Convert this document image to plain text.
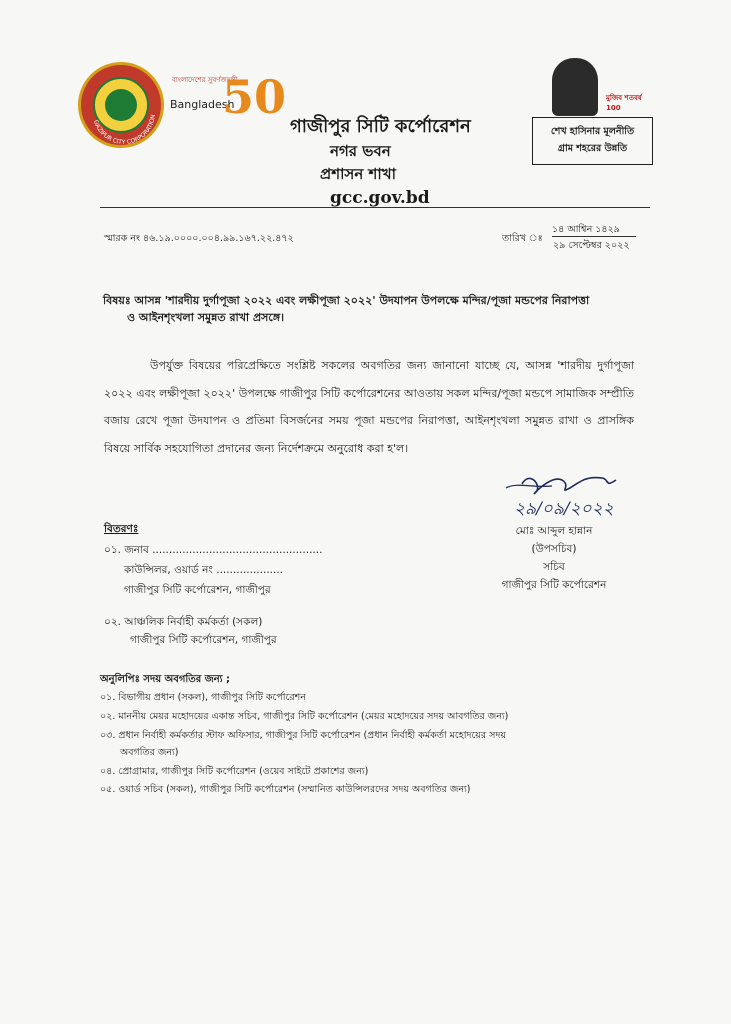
GAZIPUR CITY CORPORATION
বাংলাদেশের সুবর্ণজয়ন্তী
Bangladesh
50
গাজীপুর সিটি কর্পোরেশন
নগর ভবন
প্রশাসন শাখা
gcc.gov.bd
মুজিব শতবর্ষ 100
শেখ হাসিনার মূলনীতি
গ্রাম শহরের উন্নতি
স্মারক নং ৪৬.১৯.০০০০.০০৪.৯৯.১৬৭.২২.৪৭২	তারিখ ঃ
১৪ আশ্বিন ১৪২৯
২৯ সেপ্টেম্বর ২০২২
বিষয়ঃ আসন্ন 'শারদীয় দুর্গাপূজা ২০২২ এবং লক্ষীপূজা ২০২২' উদযাপন উপলক্ষে মন্দির/পূজা মন্ডপের নিরাপত্তা
ও আইনশৃংখলা সমুন্নত রাখা প্রসঙ্গে।
উপর্যুক্ত বিষয়ের পরিপ্রেক্ষিতে সংশ্লিষ্ট সকলের অবগতির জন্য জানানো যাচ্ছে যে, আসন্ন 'শারদীয় দুর্গাপূজা ২০২২ এবং লক্ষীপূজা ২০২২' উপলক্ষে গাজীপুর সিটি কর্পোরেশনের আওতায় সকল মন্দির/পূজা মন্ডপে সামাজিক সম্প্রীতি বজায় রেখে পূজা উদযাপন ও প্রতিমা বিসর্জনের সময় পূজা মন্ডপের নিরাপত্তা, আইনশৃংখলা সমুন্নত রাখা ও প্রাসঙ্গিক বিষয়ে সার্বিক সহযোগিতা প্রদানের জন্য নির্দেশক্রমে অনুরোধ করা হ'ল।
২৯/০৯/২০২২
মোঃ আব্দুল হান্নান
(উপসচিব)
সচিব
গাজীপুর সিটি কর্পোরেশন
বিতরণঃ
০১. জনাব ...................................................
কাউন্সিলর, ওয়ার্ড নং ....................
গাজীপুর সিটি কর্পোরেশন, গাজীপুর
০২. আঞ্চলিক নির্বাহী কর্মকর্তা (সকল)
গাজীপুর সিটি কর্পোরেশন, গাজীপুর
অনুলিপিঃ সদয় অবগতির জন্য ;
০১. বিভাগীয় প্রধান (সকল), গাজীপুর সিটি কর্পোরেশন
০২. মাননীয় মেয়র মহোদয়ের একান্ত সচিব, গাজীপুর সিটি কর্পোরেশন (মেয়র মহোদয়ের সদয় আবগতির জন্য)
০৩. প্রধান নির্বাহী কর্মকর্তার স্টাফ অফিসার, গাজীপুর সিটি কর্পোরেশন (প্রধান নির্বাহী কর্মকর্তা মহোদয়ের সদয়
অবগতির জন্য)
০৪. প্রোগ্রামার, গাজীপুর সিটি কর্পোরেশন (ওয়েব সাইটে প্রকাশের জন্য)
০৫. ওয়ার্ড সচিব (সকল), গাজীপুর সিটি কর্পোরেশন (সম্মানিত কাউন্সিলরদের সদয় অবগতির জন্য)
